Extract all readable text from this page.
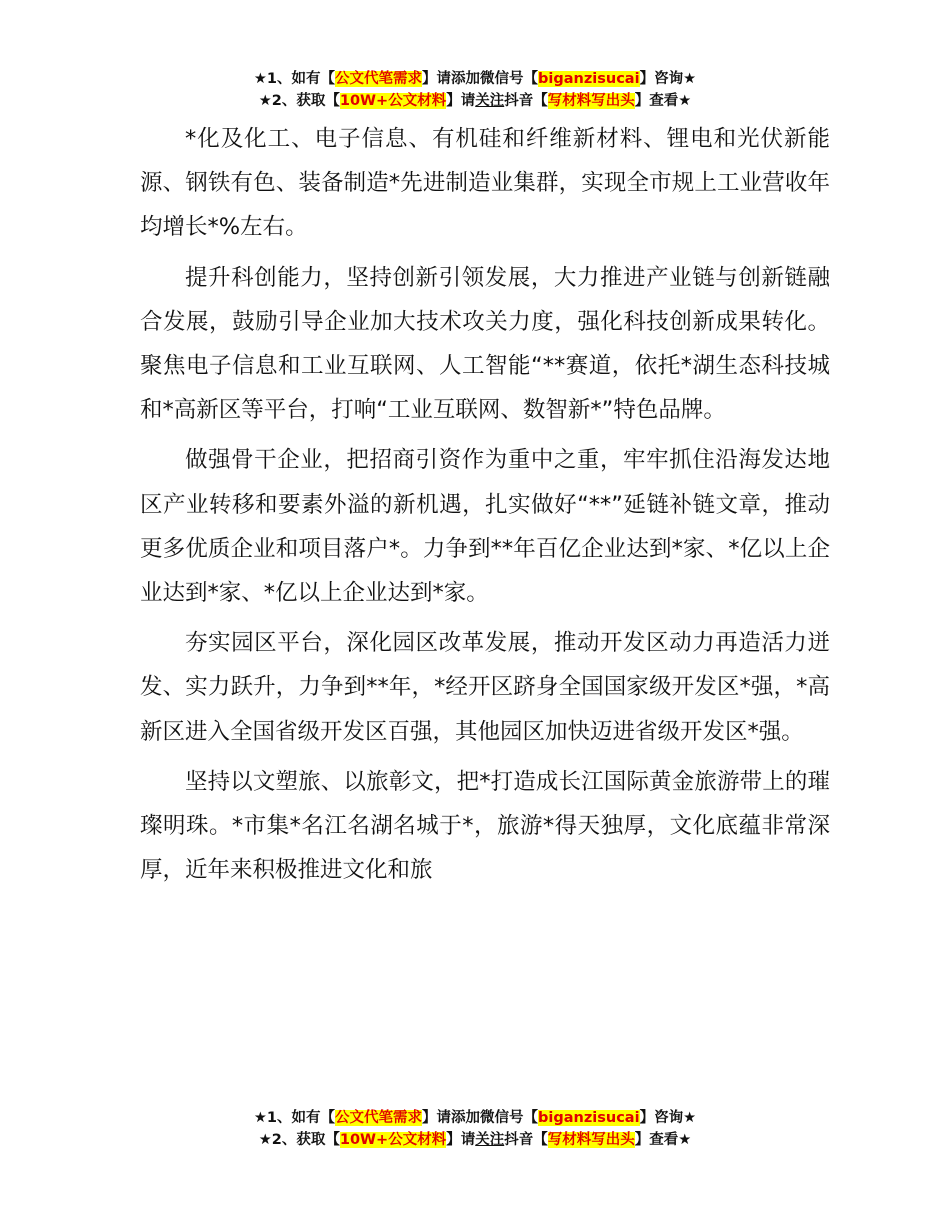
★1、如有【公文代笔需求】请添加微信号【biganzisucai】咨询★
★2、获取【10W+公文材料】请关注抖音【写材料写出头】查看★

*化及化工、电子信息、有机硅和纤维新材料、锂电和光伏新能源、钢铁有色、装备制造*先进制造业集群，实现全市规上工业营收年均增长*%左右。

提升科创能力，坚持创新引领发展，大力推进产业链与创新链融合发展，鼓励引导企业加大技术攻关力度，强化科技创新成果转化。聚焦电子信息和工业互联网、人工智能“**赛道，依托*湖生态科技城和*高新区等平台，打响“工业互联网、数智新*”特色品牌。

做强骨干企业，把招商引资作为重中之重，牢牢抓住沿海发达地区产业转移和要素外溢的新机遇，扎实做好“**”延链补链文章，推动更多优质企业和项目落户*。力争到**年百亿企业达到*家、*亿以上企业达到*家、*亿以上企业达到*家。

夯实园区平台，深化园区改革发展，推动开发区动力再造活力迸发、实力跃升，力争到**年，*经开区跻身全国国家级开发区*强，*高新区进入全国省级开发区百强，其他园区加快迈进省级开发区*强。

坚持以文塑旅、以旅彰文，把*打造成长江国际黄金旅游带上的璀璨明珠。*市集*名江名湖名城于*，旅游*得天独厚，文化底蕴非常深厚，近年来积极推进文化和旅

★1、如有【公文代笔需求】请添加微信号【biganzisucai】咨询★
★2、获取【10W+公文材料】请关注抖音【写材料写出头】查看★
